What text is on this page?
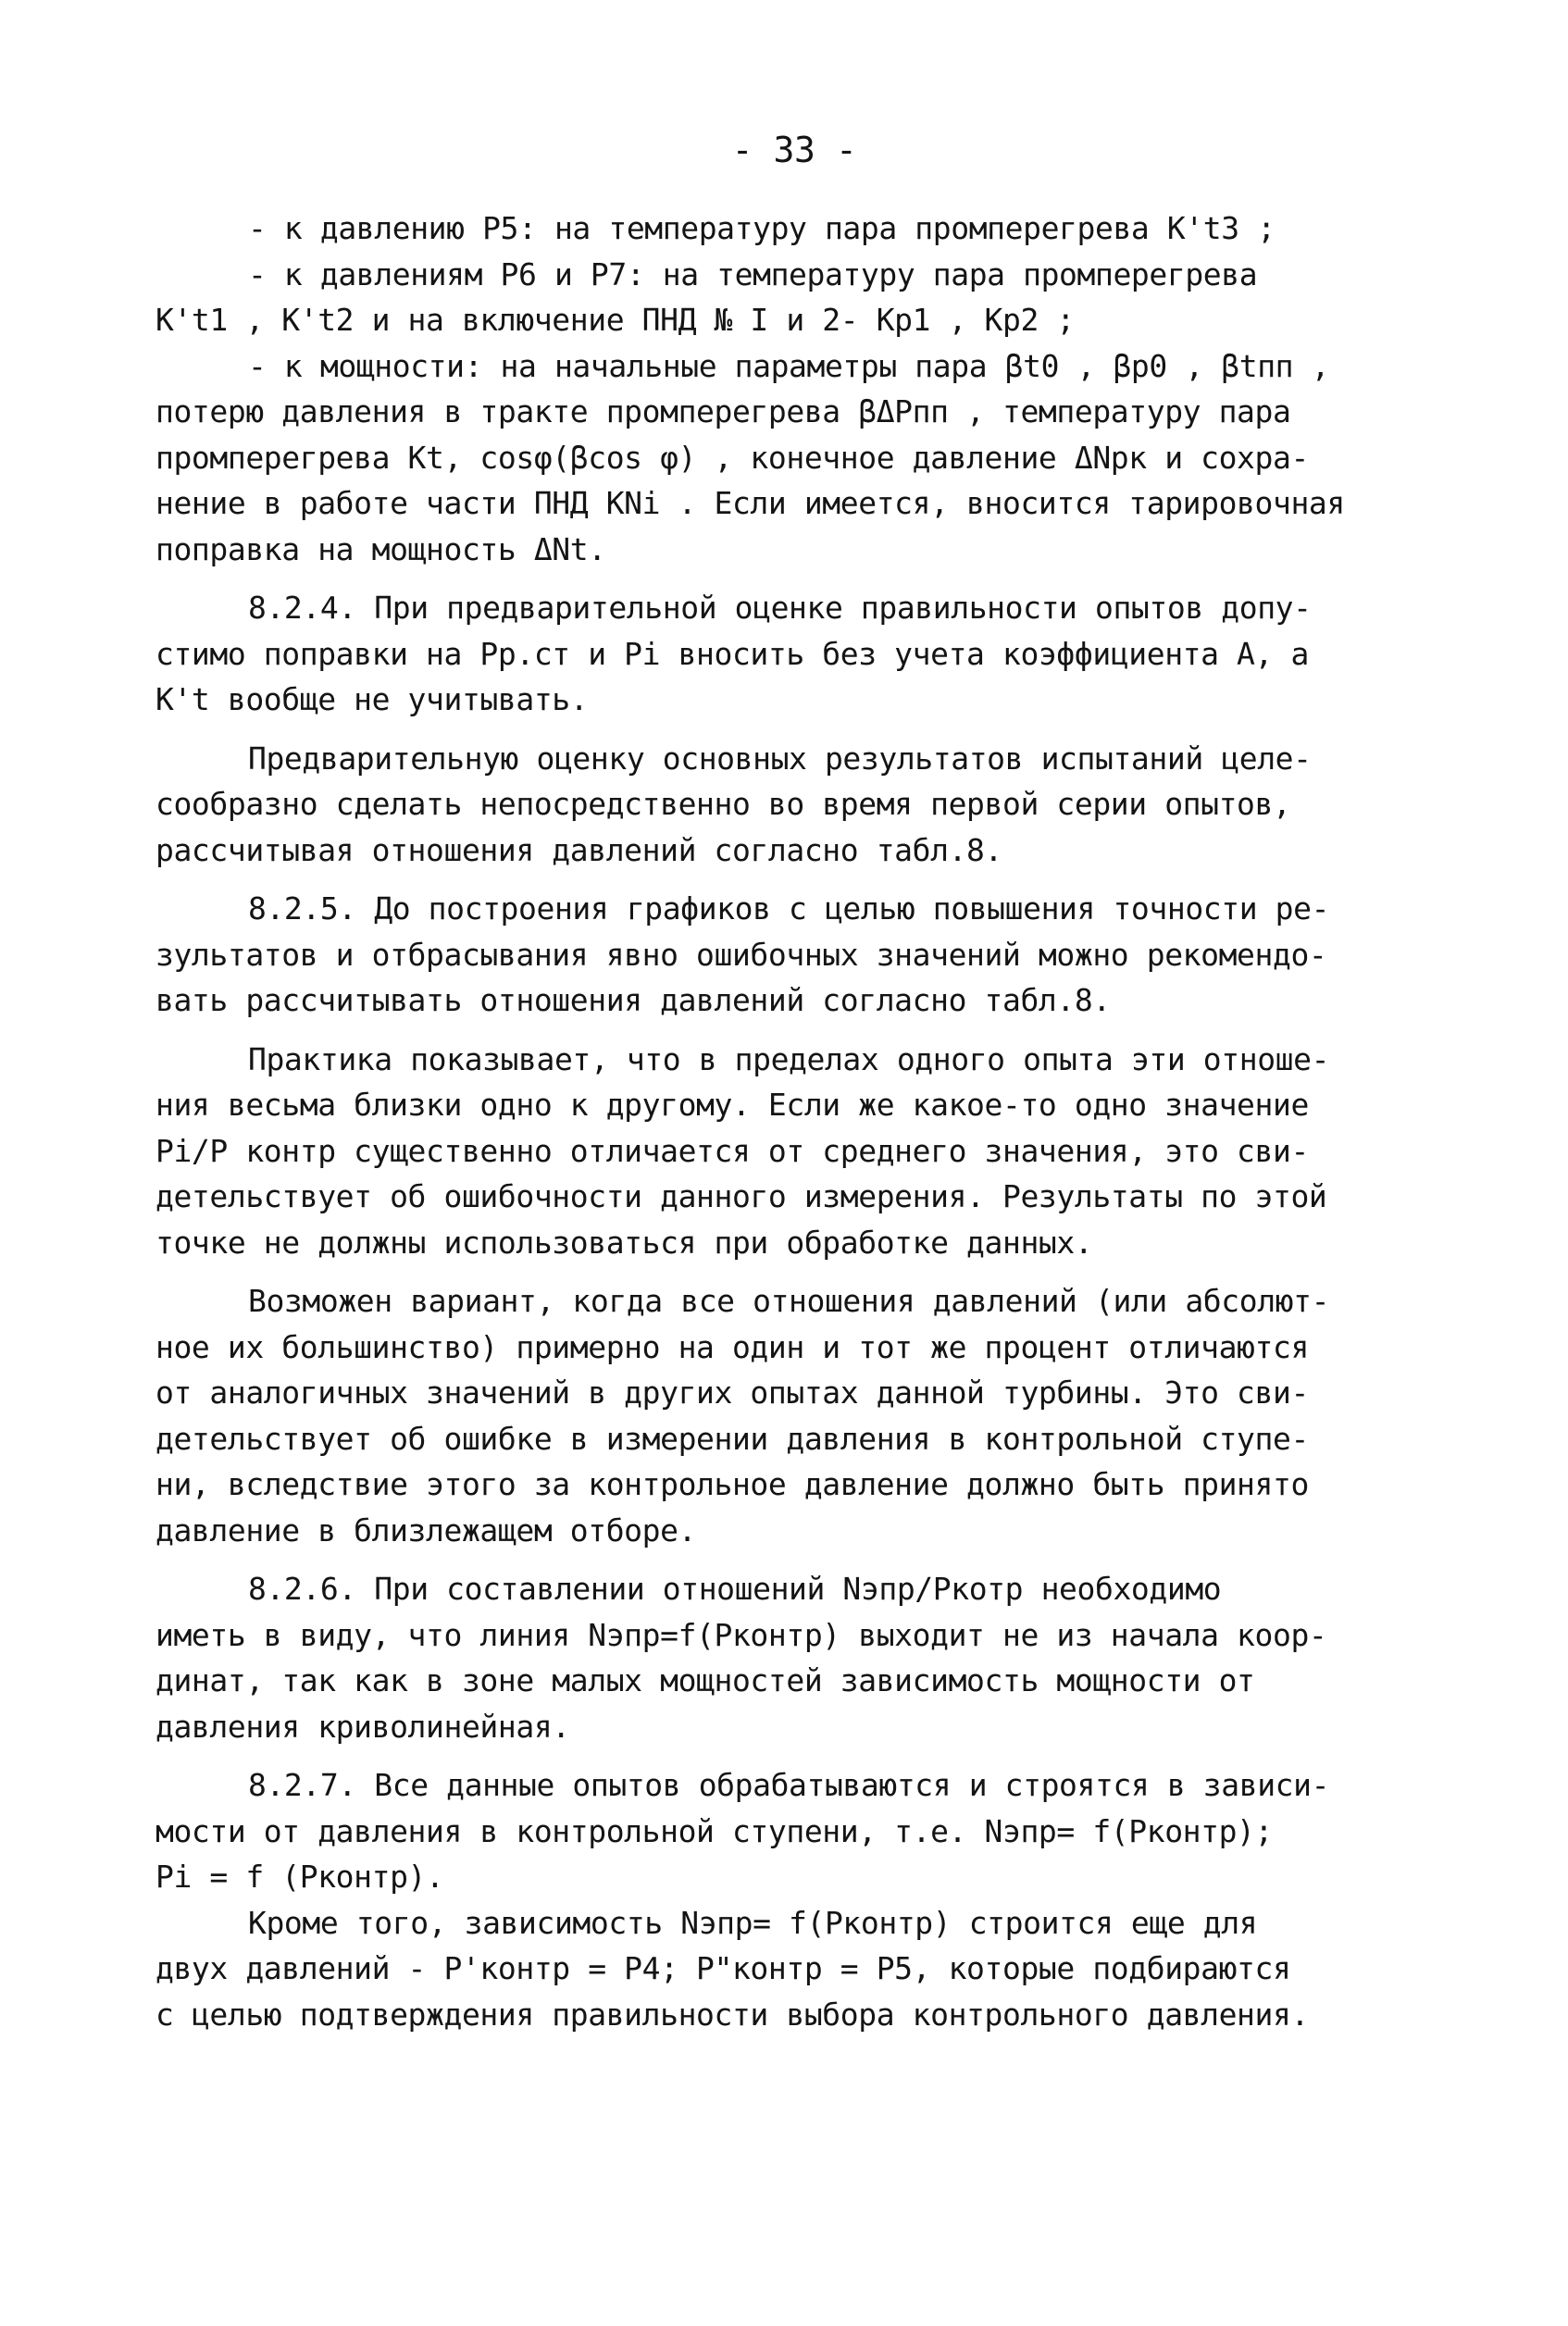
- 33 -
- к давлению Р5: на температуру пара промперегрева K't3 ;
- к давлениям Р6 и Р7: на температуру пара промперегрева
K't1 , K't2 и на включение ПНД № I и 2- Кр1 , Кр2 ;
- к мощности: на начальные параметры пара βt0 , βp0 , βtпп ,
потерю давления в тракте промперегрева βΔPпп , температуру пара
промперегрева Кt, cosφ(βcos φ) , конечное давление ΔNрк и сохра-
нение в работе части ПНД КNi . Если имеется, вносится тарировочная
поправка на мощность ΔNt.
8.2.4. При предварительной оценке правильности опытов допу-
стимо поправки на Рр.ст и Рi вносить без учета коэффициента А, а
K't вообще не учитывать.
Предварительную оценку основных результатов испытаний целе-
сообразно сделать непосредственно во время первой серии опытов,
рассчитывая отношения давлений согласно табл.8.
8.2.5. До построения графиков с целью повышения точности ре-
зультатов и отбрасывания явно ошибочных значений можно рекомендо-
вать рассчитывать отношения давлений согласно табл.8.
Практика показывает, что в пределах одного опыта эти отноше-
ния весьма близки одно к другому. Если же какое-то одно значение
Рi/Р контр существенно отличается от среднего значения, это сви-
детельствует об ошибочности данного измерения. Результаты по этой
точке не должны использоваться при обработке данных.
Возможен вариант, когда все отношения давлений (или абсолют-
ное их большинство) примерно на один и тот же процент отличаются
от аналогичных значений в других опытах данной турбины. Это сви-
детельствует об ошибке в измерении давления в контрольной ступе-
ни, вследствие этого за контрольное давление должно быть принято
давление в близлежащем отборе.
8.2.6. При составлении отношений Nэпр/Ркотр необходимо
иметь в виду, что линия Nэпр=f(Рконтр) выходит не из начала коор-
динат, так как в зоне малых мощностей зависимость мощности от
давления криволинейная.
8.2.7. Все данные опытов обрабатываются и строятся в зависи-
мости от давления в контрольной ступени, т.е. Nэпр= f(Рконтр);
Рi = f (Рконтр).
Кроме того, зависимость Nэпр= f(Рконтр) строится еще для
двух давлений - Р'контр = Р4; Р"контр = Р5, которые подбираются
с целью подтверждения правильности выбора контрольного давления.
